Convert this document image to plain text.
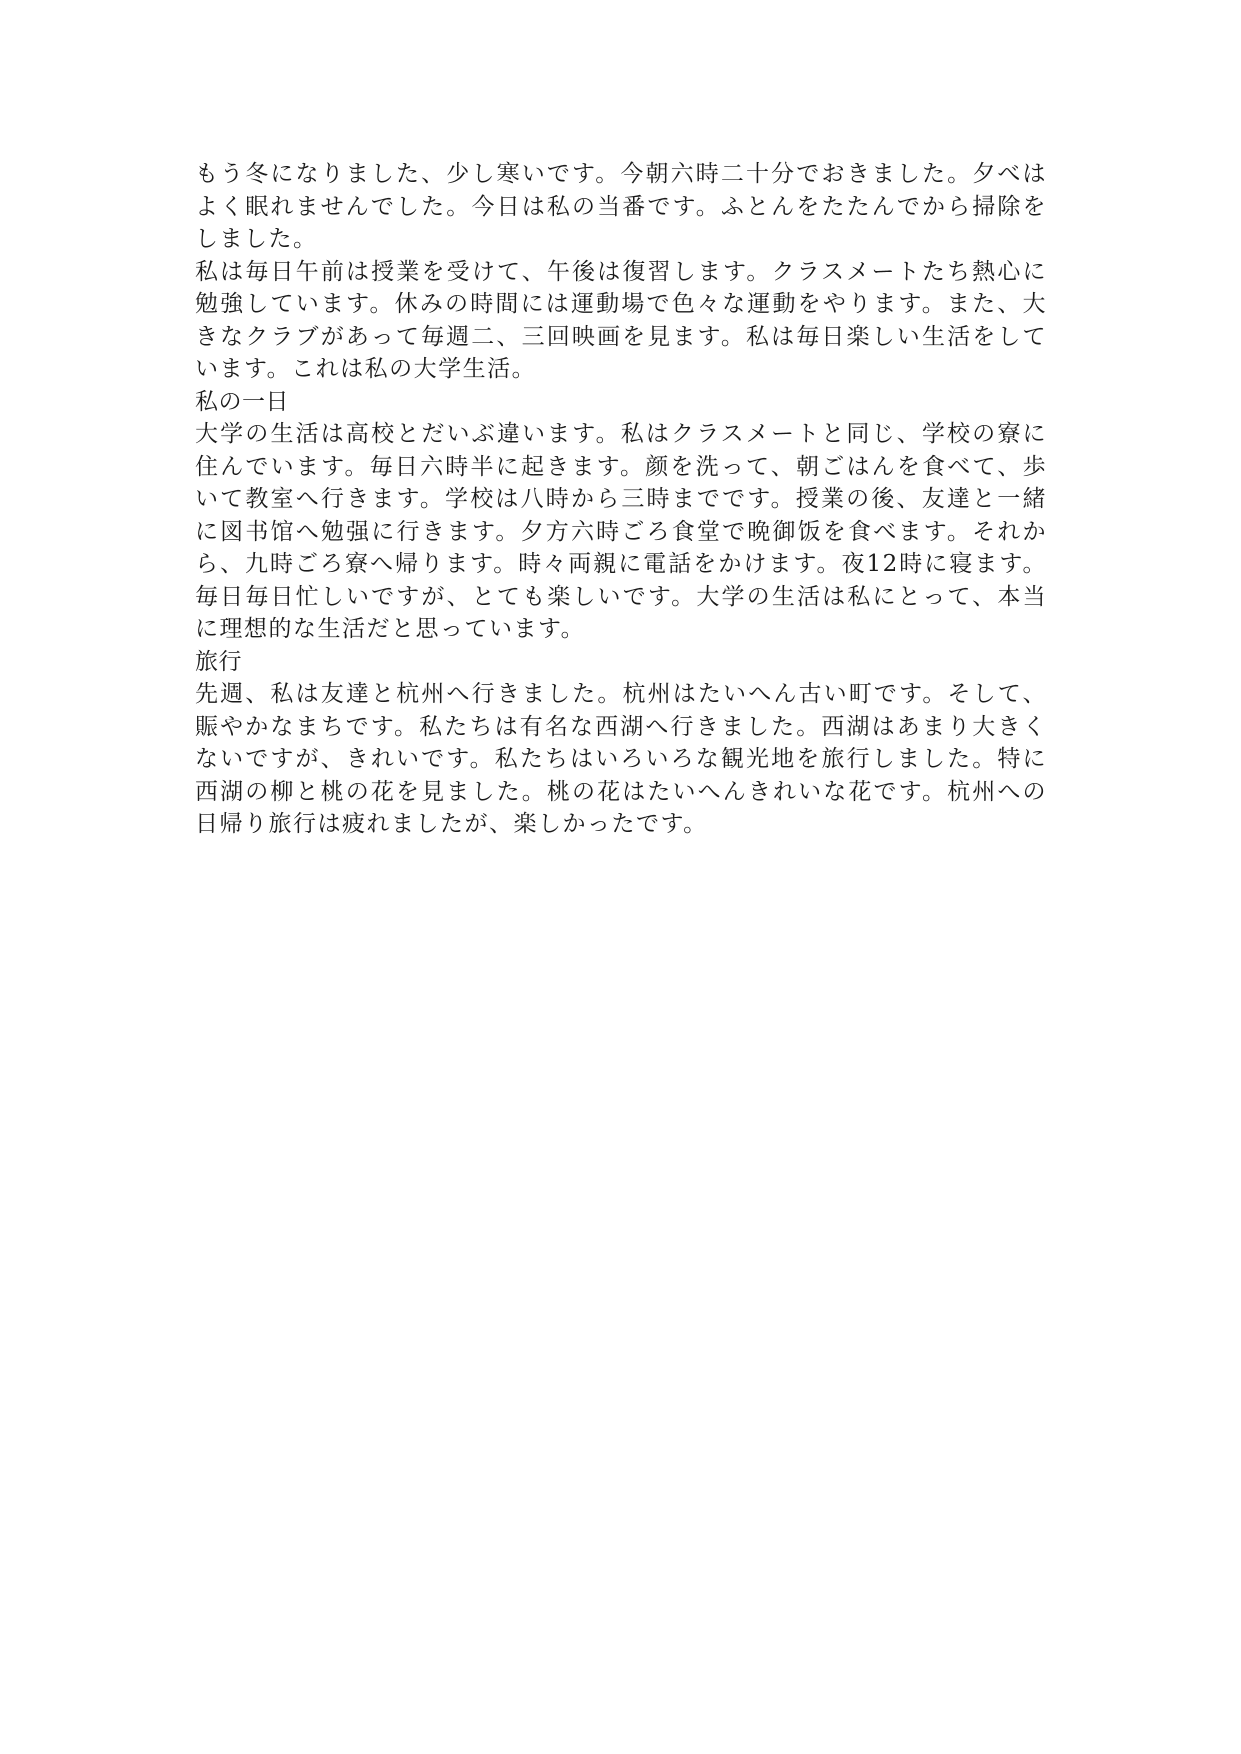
もう冬になりました、少し寒いです。今朝六時二十分でおきました。夕べはよく眠れませんでした。今日は私の当番です。ふとんをたたんでから掃除をしました。

私は毎日午前は授業を受けて、午後は復習します。クラスメートたち熱心に勉強しています。休みの時間には運動場で色々な運動をやります。また、大きなクラブがあって毎週二、三回映画を見ます。私は毎日楽しい生活をしています。これは私の大学生活。

私の一日

大学の生活は高校とだいぶ違います。私はクラスメートと同じ、学校の寮に住んでいます。毎日六時半に起きます。颜を洗って、朝ごはんを食べて、歩いて教室へ行きます。学校は八時から三時までです。授業の後、友達と一緒に図书馆へ勉强に行きます。夕方六時ごろ食堂で晩御饭を食べます。それから、九時ごろ寮へ帰ります。時々両親に電話をかけます。夜12時に寝ます。毎日毎日忙しいですが、とても楽しいです。大学の生活は私にとって、本当に理想的な生活だと思っています。

旅行

先週、私は友達と杭州へ行きました。杭州はたいへん古い町です。そして、賑やかなまちです。私たちは有名な西湖へ行きました。西湖はあまり大きくないですが、きれいです。私たちはいろいろな観光地を旅行しました。特に西湖の柳と桃の花を見ました。桃の花はたいへんきれいな花です。杭州への日帰り旅行は疲れましたが、楽しかったです。
